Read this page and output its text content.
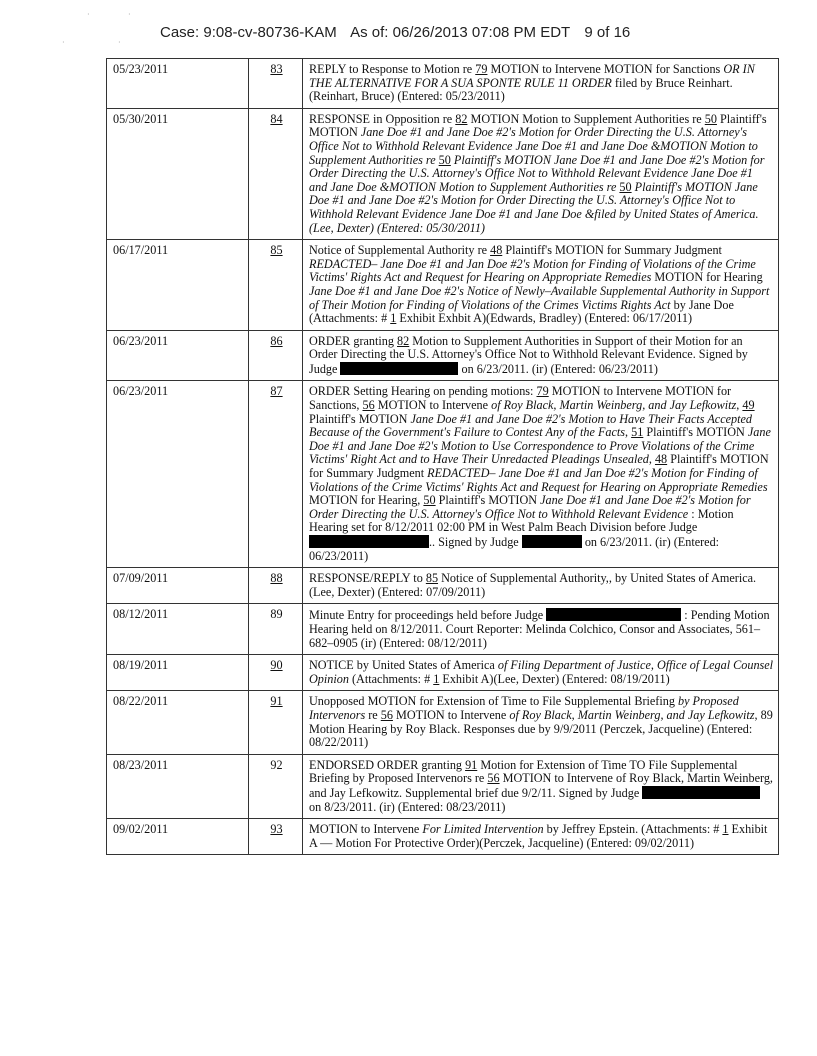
·	·
·	·
Case: 9:08-cv-80736-KAM As of: 06/26/2013 07:08 PM EDT 9 of 16
05/23/2011	83	REPLY to Response to Motion re 79 MOTION to Intervene MOTION for Sanctions OR IN THE ALTERNATIVE FOR A SUA SPONTE RULE 11 ORDER filed by Bruce Reinhart. (Reinhart, Bruce) (Entered: 05/23/2011)
05/30/2011	84	RESPONSE in Opposition re 82 MOTION Motion to Supplement Authorities re 50 Plaintiff's MOTION Jane Doe #1 and Jane Doe #2's Motion for Order Directing the U.S. Attorney's Office Not to Withhold Relevant Evidence Jane Doe #1 and Jane Doe &MOTION Motion to Supplement Authorities re 50 Plaintiff's MOTION Jane Doe #1 and Jane Doe #2's Motion for Order Directing the U.S. Attorney's Office Not to Withhold Relevant Evidence Jane Doe #1 and Jane Doe &MOTION Motion to Supplement Authorities re 50 Plaintiff's MOTION Jane Doe #1 and Jane Doe #2's Motion for Order Directing the U.S. Attorney's Office Not to Withhold Relevant Evidence Jane Doe #1 and Jane Doe &filed by United States of America. (Lee, Dexter) (Entered: 05/30/2011)
06/17/2011	85	Notice of Supplemental Authority re 48 Plaintiff's MOTION for Summary Judgment REDACTED– Jane Doe #1 and Jan Doe #2's Motion for Finding of Violations of the Crime Victims' Rights Act and Request for Hearing on Appropriate Remedies MOTION for Hearing Jane Doe #1 and Jane Doe #2's Notice of Newly–Available Supplemental Authority in Support of Their Motion for Finding of Violations of the Crimes Victims Rights Act by Jane Doe (Attachments: # 1 Exhibit Exhbit A)(Edwards, Bradley) (Entered: 06/17/2011)
06/23/2011	86	ORDER granting 82 Motion to Supplement Authorities in Support of their Motion for an Order Directing the U.S. Attorney's Office Not to Withhold Relevant Evidence. Signed by Judge on 6/23/2011. (ir) (Entered: 06/23/2011)
06/23/2011	87	ORDER Setting Hearing on pending motions: 79 MOTION to Intervene MOTION for Sanctions, 56 MOTION to Intervene of Roy Black, Martin Weinberg, and Jay Lefkowitz, 49 Plaintiff's MOTION Jane Doe #1 and Jane Doe #2's Motion to Have Their Facts Accepted Because of the Government's Failure to Contest Any of the Facts, 51 Plaintiff's MOTION Jane Doe #1 and Jane Doe #2's Motion to Use Correspondence to Prove Violations of the Crime Victims' Right Act and to Have Their Unredacted Pleadings Unsealed, 48 Plaintiff's MOTION for Summary Judgment REDACTED– Jane Doe #1 and Jan Doe #2's Motion for Finding of Violations of the Crime Victims' Rights Act and Request for Hearing on Appropriate Remedies MOTION for Hearing, 50 Plaintiff's MOTION Jane Doe #1 and Jane Doe #2's Motion for Order Directing the U.S. Attorney's Office Not to Withhold Relevant Evidence : Motion Hearing set for 8/12/2011 02:00 PM in West Palm Beach Division before Judge .. Signed by Judge on 6/23/2011. (ir) (Entered: 06/23/2011)
07/09/2011	88	RESPONSE/REPLY to 85 Notice of Supplemental Authority,, by United States of America. (Lee, Dexter) (Entered: 07/09/2011)
08/12/2011	89	Minute Entry for proceedings held before Judge : Pending Motion Hearing held on 8/12/2011. Court Reporter: Melinda Colchico, Consor and Associates, 561–682–0905 (ir) (Entered: 08/12/2011)
08/19/2011	90	NOTICE by United States of America of Filing Department of Justice, Office of Legal Counsel Opinion (Attachments: # 1 Exhibit A)(Lee, Dexter) (Entered: 08/19/2011)
08/22/2011	91	Unopposed MOTION for Extension of Time to File Supplemental Briefing by Proposed Intervenors re 56 MOTION to Intervene of Roy Black, Martin Weinberg, and Jay Lefkowitz, 89 Motion Hearing by Roy Black. Responses due by 9/9/2011 (Perczek, Jacqueline) (Entered: 08/22/2011)
08/23/2011	92	ENDORSED ORDER granting 91 Motion for Extension of Time TO File Supplemental Briefing by Proposed Intervenors re 56 MOTION to Intervene of Roy Black, Martin Weinberg, and Jay Lefkowitz. Supplemental brief due 9/2/11. Signed by Judge  on 8/23/2011. (ir) (Entered: 08/23/2011)
09/02/2011	93	MOTION to Intervene For Limited Intervention by Jeffrey Epstein. (Attachments: # 1 Exhibit A — Motion For Protective Order)(Perczek, Jacqueline) (Entered: 09/02/2011)
